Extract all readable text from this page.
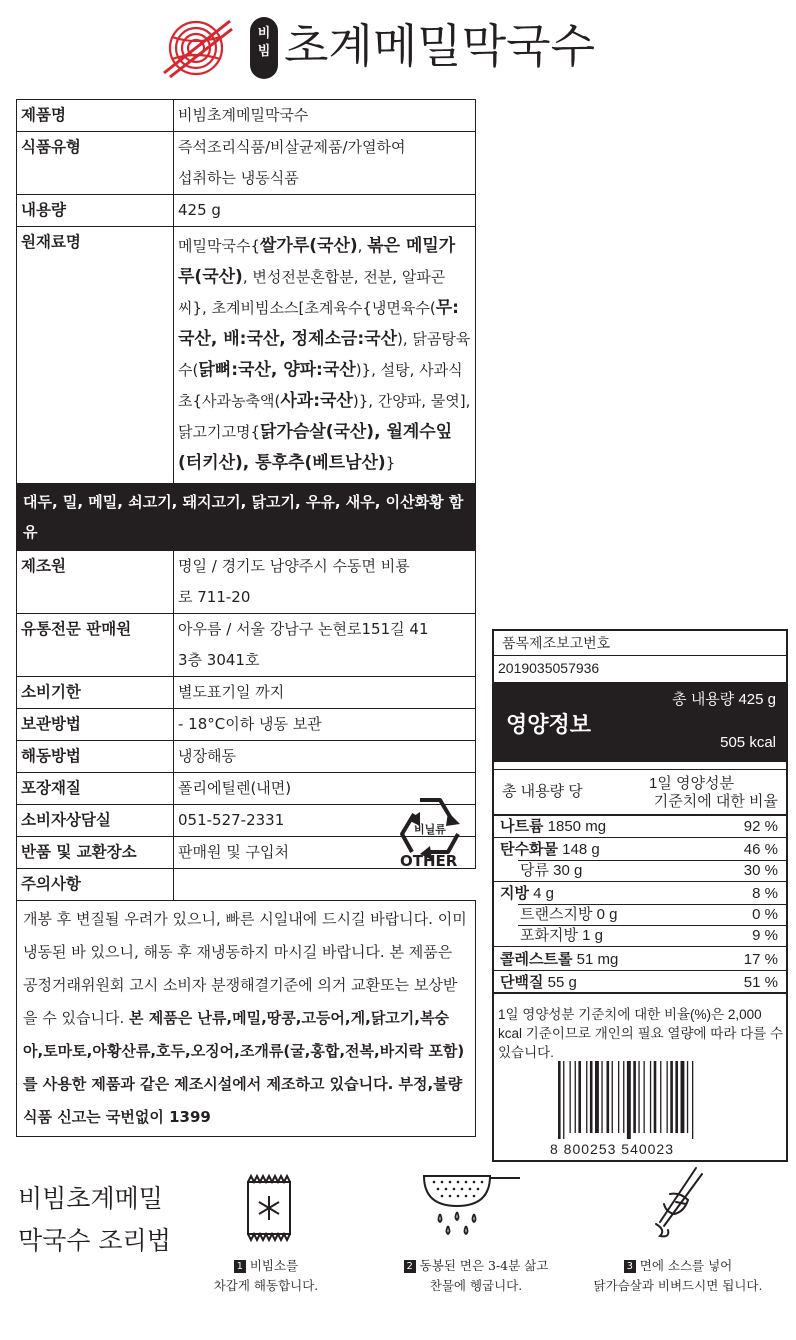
비
빔 초계메밀막국수
제품명	비빔초계메밀막국수
식품유형	즉석조리식품/비살균제품/가열하여
섭취하는 냉동식품

내용량	425 g
원재료명	메밀막국수{쌀가루(국산), 볶은 메밀가루(국산), 변성전분혼합분, 전분, 알파곤씨}, 초계비빔소스[초계육수{냉면육수(무:국산, 배:국산, 정제소금:국산), 닭곰탕육수(닭뼈:국산, 양파:국산)}, 설탕, 사과식초{사과농축액(사과:국산)}, 간양파, 물엿], 닭고기고명{닭가슴살(국산), 월계수잎(터키산), 통후추(베트남산)}
대두, 밀, 메밀, 쇠고기, 돼지고기, 닭고기, 우유, 새우, 이산화황 함유	
제조원	명일 / 경기도 남양주시 수동면 비룡
로 711-20

유통전문 판매원	아우름 / 서울 강남구 논현로151길 41
3층 3041호

소비기한	별도표기일 까지
보관방법	- 18°C이하 냉동 보관
해동방법	냉장해동
포장재질	폴리에틸렌(내면)
소비자상담실	051-527-2331
반품 및 교환장소	판매원 및 구입처
주의사항	
개봉 후 변질될 우려가 있으니, 빠른 시일내에 드시길 바랍니다. 이미 냉동된 바 있으니, 해동 후 재냉동하지 마시길 바랍니다. 본 제품은 공정거래위원회 고시 소비자 분쟁해결기준에 의거 교환또는 보상받을 수 있습니다. 본 제품은 난류,메밀,땅콩,고등어,게,닭고기,복숭아,토마토,아황산류,호두,오징어,조개류(굴,홍합,전복,바지락 포함)를 사용한 제품과 같은 제조시설에서 제조하고 있습니다. 부정,불량식품 신고는 국번없이 1399	
비닐류
OTHER
품목제조보고번호
2019035057936
총 내용량 425 g
영양정보
505 kcal
총 내용량 당	1일 영양성분
기준치에 대한 비율
나트륨 1850 mg	92 %
탄수화물 148 g	46 %
당류 30 g	30 %
지방 4 g	8 %
트랜스지방 0 g	0 %
포화지방 1 g	9 %
콜레스트롤 51 mg	17 %
단백질 55 g	51 %
1일 영양성분 기준치에 대한 비율(%)은 2,000 kcal 기준이므로 개인의 필요 열량에 따라 다를 수 있습니다.
8 800253 540023
비빔초계메밀
막국수 조리법
1 비빔소를
차갑게 해동합니다.
2 동봉된 면은 3-4분 삶고
찬물에 헹굽니다.
3 면에 소스를 넣어
닭가슴살과 비벼드시면 됩니다.
